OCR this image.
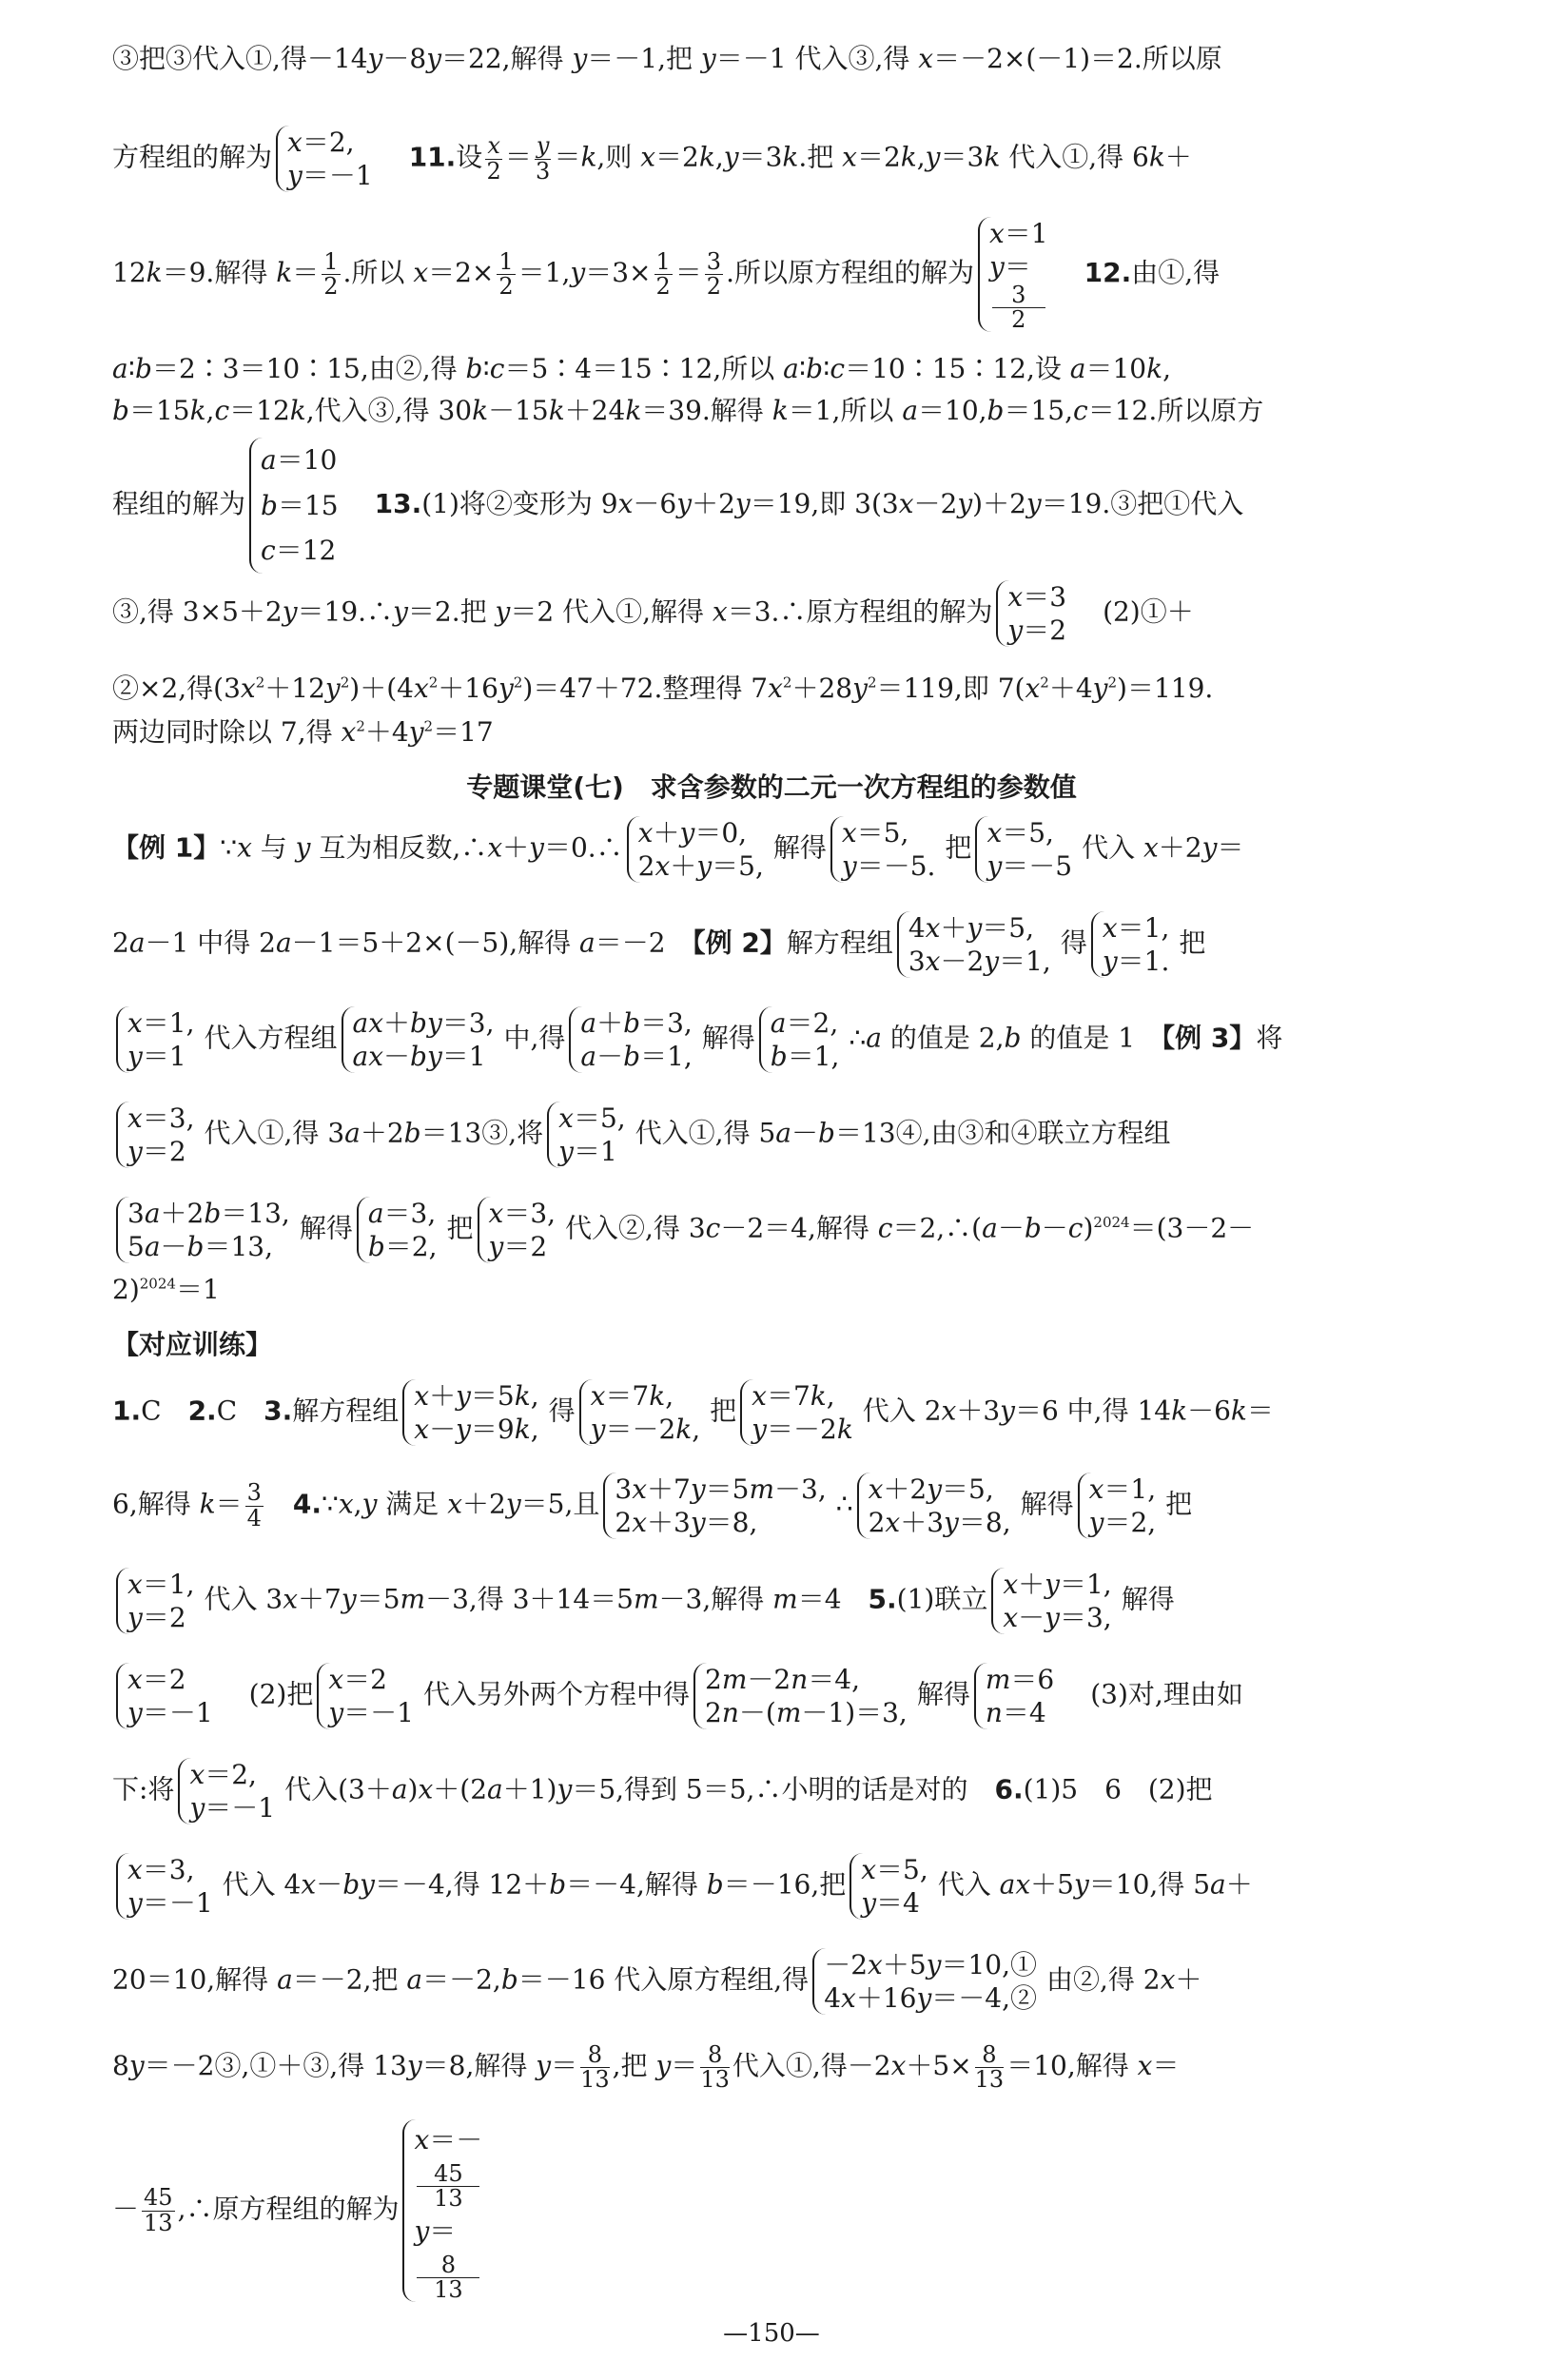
③把③代入①,得－14y－8y＝22,解得 y＝－1,把 y＝－1 代入③,得 x＝－2×(－1)＝2.所以原
方程组的解为 x＝2,
y＝－1
　11.设 $\frac{x}{2} = \frac{y}{3} =k$,则 x＝2k,y＝3k.把 x＝2k,y＝3k 代入①,得 6k＋
12k＝9.解得 $k= \frac{1}{2}$ .所以 $x=2\times \frac{1}{2} =1,y=3\times \frac{1}{2} = \frac{3}{2}$ .所以原方程组的解为
x＝1
y＝
3
2
　12.由①,得
a∶b＝2∶3＝10∶15,由②,得 b∶c＝5∶4＝15∶12,所以 a∶b∶c＝10∶15∶12,设 a＝10k,
b＝15k,c＝12k,代入③,得 30k－15k＋24k＝39.解得 k＝1,所以 a＝10,b＝15,c＝12.所以原方
程组的解为
a＝10
b＝15
c＝12
　13.(1)将②变形为 9x－6y＋2y＝19,即 3(3x－2y)＋2y＝19.③把①代入
③,得 3×5＋2y＝19.∴y＝2.把 y＝2 代入①,解得 x＝3.∴原方程组的解为 x＝3
y＝2
　(2)①＋
②×2,得$(3x^2+12y^2)+(4x^2+16y^2)=47+72$.整理得 $7x^2+28y^2=119$,即 $7(x^2+4y^2)=119$.
两边同时除以 7,得 $x^2+4y^2=17$
专题课堂(七)　求含参数的二元一次方程组的参数值
【例 1】∵x 与 y 互为相反数,∴x＋y＝0.∴ x＋y＝0,
2x＋y＝5,
解得 x＝5,
y＝－5.
把 x＝5,
y＝－5
代入 x＋2y＝
2a－1 中得 2a－1＝5＋2×(－5),解得 a＝－2　【例 2】解方程组 4x＋y＝5,
3x－2y＝1,
得 x＝1,
y＝1.
把
x＝1,
y＝1
代入方程组 ax＋by＝3,
ax－by＝1
中,得 a＋b＝3,
a－b＝1,
解得 a＝2,
b＝1,
∴a 的值是 2,b 的值是 1　【例 3】将
x＝3,
y＝2
代入①,得 3a＋2b＝13③,将 x＝5,
y＝1
代入①,得 5a－b＝13④,由③和④联立方程组
3a＋2b＝13,
5a－b＝13,
解得 a＝3,
b＝2,
把 x＝3,
y＝2
代入②,得 3c－2＝4,解得 $c=2,\therefore(a-b-c)^{2024}=(3-2-$
2)$^{2024}$＝1
【对应训练】
1.C　2.C　3.解方程组 x＋y＝5k,
x－y＝9k,
得 x＝7k,
y＝－2k,
把 x＝7k,
y＝－2k
代入 2x＋3y＝6 中,得 14k－6k＝
6,解得 $k= \frac{3}{4}$
　 4.∵x,y 满足 x＋2y＝5,且 3x＋7y＝5m－3,
2x＋3y＝8,
∴ x＋2y＝5,
2x＋3y＝8,
解得 x＝1,
y＝2,
把
x＝1,
y＝2
代入 3x＋7y＝5m－3,得 3＋14＝5m－3,解得 m＝4　5.(1)联立 x＋y＝1,
x－y＝3,
解得
x＝2
y＝－1
　(2)把 x＝2
y＝－1
代入另外两个方程中得 2m－2n＝4,
2n－(m－1)＝3,
解得 m＝6
n＝4
　(3)对,理由如
下:将 x＝2,
y＝－1
代入(3＋a)x＋(2a＋1)y＝5,得到 5＝5,∴小明的话是对的　6.(1)5　6　(2)把
x＝3,
y＝－1
代入 4x－by＝－4,得 12＋b＝－4,解得 b＝－16,把 x＝5,
y＝4
代入 ax＋5y＝10,得 5a＋
20＝10,解得 a＝－2,把 a＝－2,b＝－16 代入原方程组,得 －2x＋5y＝10,①
4x＋16y＝－4,②
由②,得 2x＋
8y＝－2③,①＋③,得 13y＝8,解得 $y= \frac{8}{13}$ ,把 $y= \frac{8}{13}$ 代入①,得$-2x+5\times \frac{8}{13} =10$,解得 x＝
－ $\frac{45}{13}$ ,∴原方程组的解为
x＝－
45
13
y＝
8
13
—150—
